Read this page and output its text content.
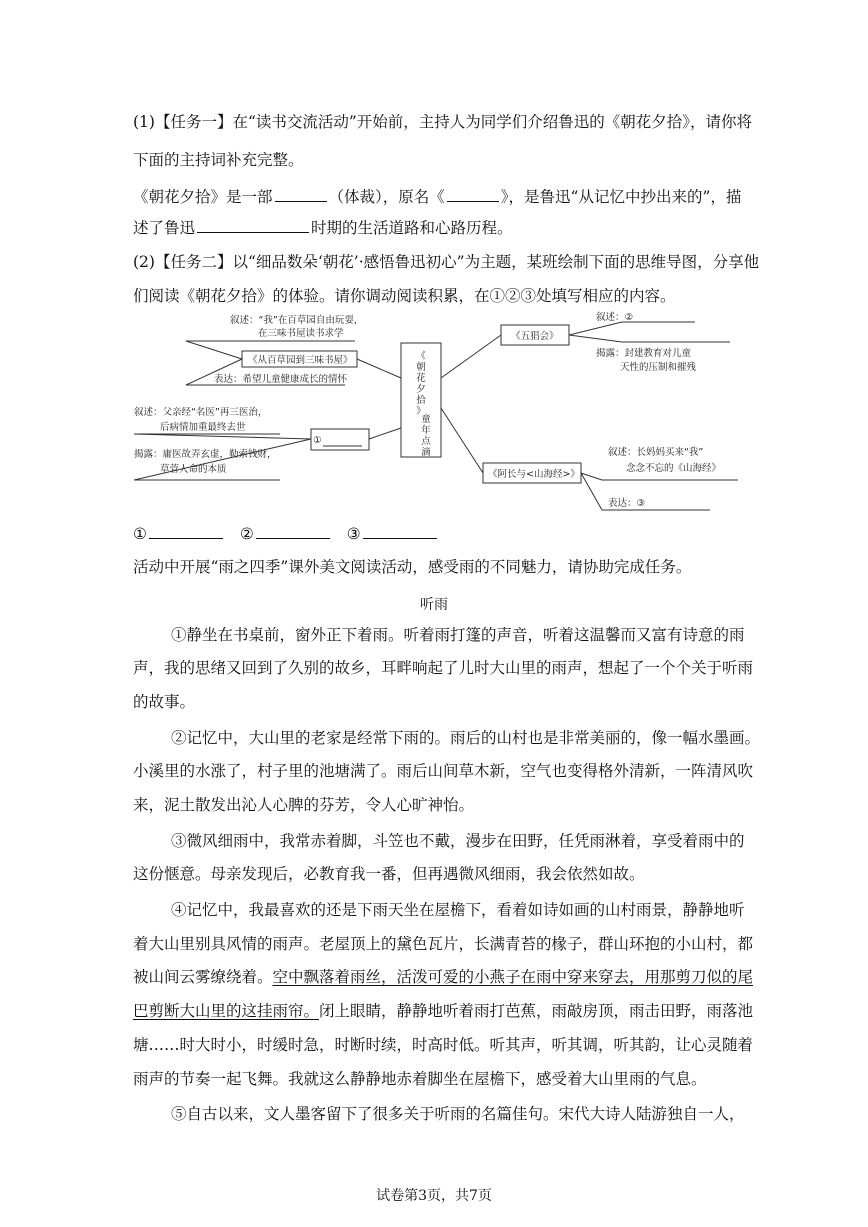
(1)【任务一】在“读书交流活动”开始前，主持人为同学们介绍鲁迅的《朝花夕拾》，请你将
下面的主持词补充完整。
《朝花夕拾》是一部	（体裁），原名《	》，是鲁迅“从记忆中抄出来的”，描
述了鲁迅	时期的生活道路和心路历程。
(2)【任务二】以“细品数朵‘朝花’·感悟鲁迅初心”为主题，某班绘制下面的思维导图，分享他
们阅读《朝花夕拾》的体验。请你调动阅读积累，在①②③处填写相应的内容。
《
朝
花
夕
拾
》
童
年
点
滴
《从百草园到三味书屋》
叙述：“我”在百草园自由玩耍，
在三味书屋读书求学
表达：希望儿童健康成长的情怀
①
叙述：父亲经“名医”再三医治，
后病情加重最终去世
揭露：庸医故弄玄虚，勒索钱财，
草菅人命的本质
《五猖会》
叙述：②
揭露：封建教育对儿童
天性的压制和摧残
《阿长与<山海经>》
叙述：长妈妈买来“我”
念念不忘的《山海经》
表达：③
①	②	③
活动中开展“雨之四季”课外美文阅读活动，感受雨的不同魅力，请协助完成任务。
听雨
①静坐在书桌前，窗外正下着雨。听着雨打篷的声音，听着这温馨而又富有诗意的雨
声，我的思绪又回到了久别的故乡，耳畔响起了儿时大山里的雨声，想起了一个个关于听雨
的故事。
②记忆中，大山里的老家是经常下雨的。雨后的山村也是非常美丽的，像一幅水墨画。
小溪里的水涨了，村子里的池塘满了。雨后山间草木新，空气也变得格外清新，一阵清风吹
来，泥土散发出沁人心脾的芬芳，令人心旷神怡。
③微风细雨中，我常赤着脚，斗笠也不戴，漫步在田野，任凭雨淋着，享受着雨中的
这份惬意。母亲发现后，必教育我一番，但再遇微风细雨，我会依然如故。
④记忆中，我最喜欢的还是下雨天坐在屋檐下，看着如诗如画的山村雨景，静静地听
着大山里别具风情的雨声。老屋顶上的黛色瓦片，长满青苔的椽子，群山环抱的小山村，都
被山间云雾缭绕着。空中飘落着雨丝，活泼可爱的小燕子在雨中穿来穿去，用那剪刀似的尾
巴剪断大山里的这挂雨帘。闭上眼睛，静静地听着雨打芭蕉，雨敲房顶，雨击田野，雨落池
塘……时大时小，时缓时急，时断时续，时高时低。听其声，听其调，听其韵，让心灵随着
雨声的节奏一起飞舞。我就这么静静地赤着脚坐在屋檐下，感受着大山里雨的气息。
⑤自古以来，文人墨客留下了很多关于听雨的名篇佳句。宋代大诗人陆游独自一人，
试卷第3页，共7页
